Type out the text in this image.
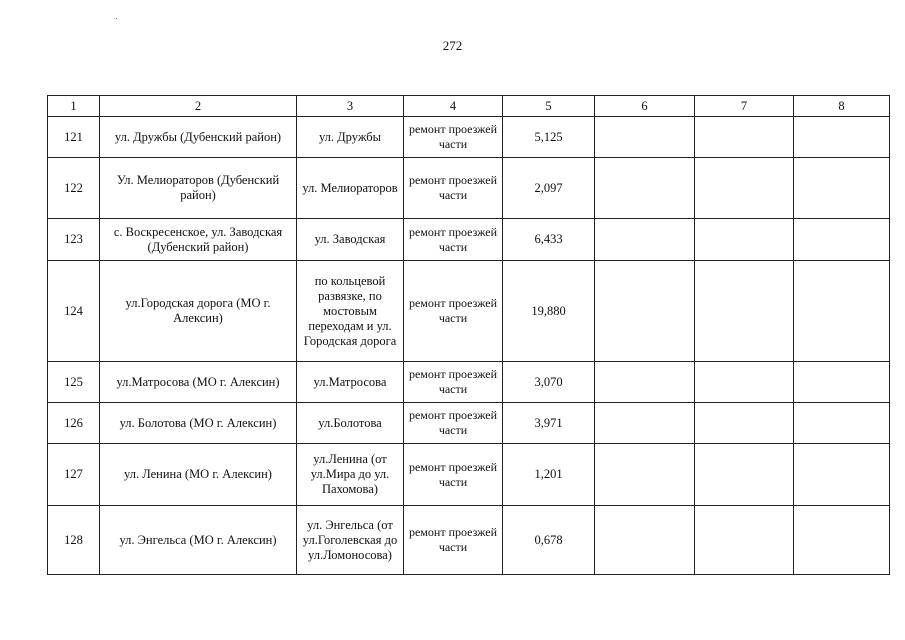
272
1	2	3	4	5	6	7	8
121	ул. Дружбы (Дубенский район)	ул. Дружбы	ремонт проезжей части	5,125			
122	Ул. Мелиораторов (Дубенский район)	ул. Мелиораторов	ремонт проезжей части	2,097			
123	с. Воскресенское, ул. Заводская (Дубенский район)	ул. Заводская	ремонт проезжей части	6,433			
124	ул.Городская дорога (МО г. Алексин)	по кольцевой развязке, по мостовым переходам и ул. Городская дорога	ремонт проезжей части	19,880			
125	ул.Матросова (МО г. Алексин)	ул.Матросова	ремонт проезжей части	3,070			
126	ул. Болотова (МО г. Алексин)	ул.Болотова	ремонт проезжей части	3,971			
127	ул. Ленина (МО г. Алексин)	ул.Ленина (от ул.Мира до ул. Пахомова)	ремонт проезжей части	1,201			
128	ул. Энгельса (МО г. Алексин)	ул. Энгельса (от ул.Гоголевская до ул.Ломоносова)	ремонт проезжей части	0,678			
